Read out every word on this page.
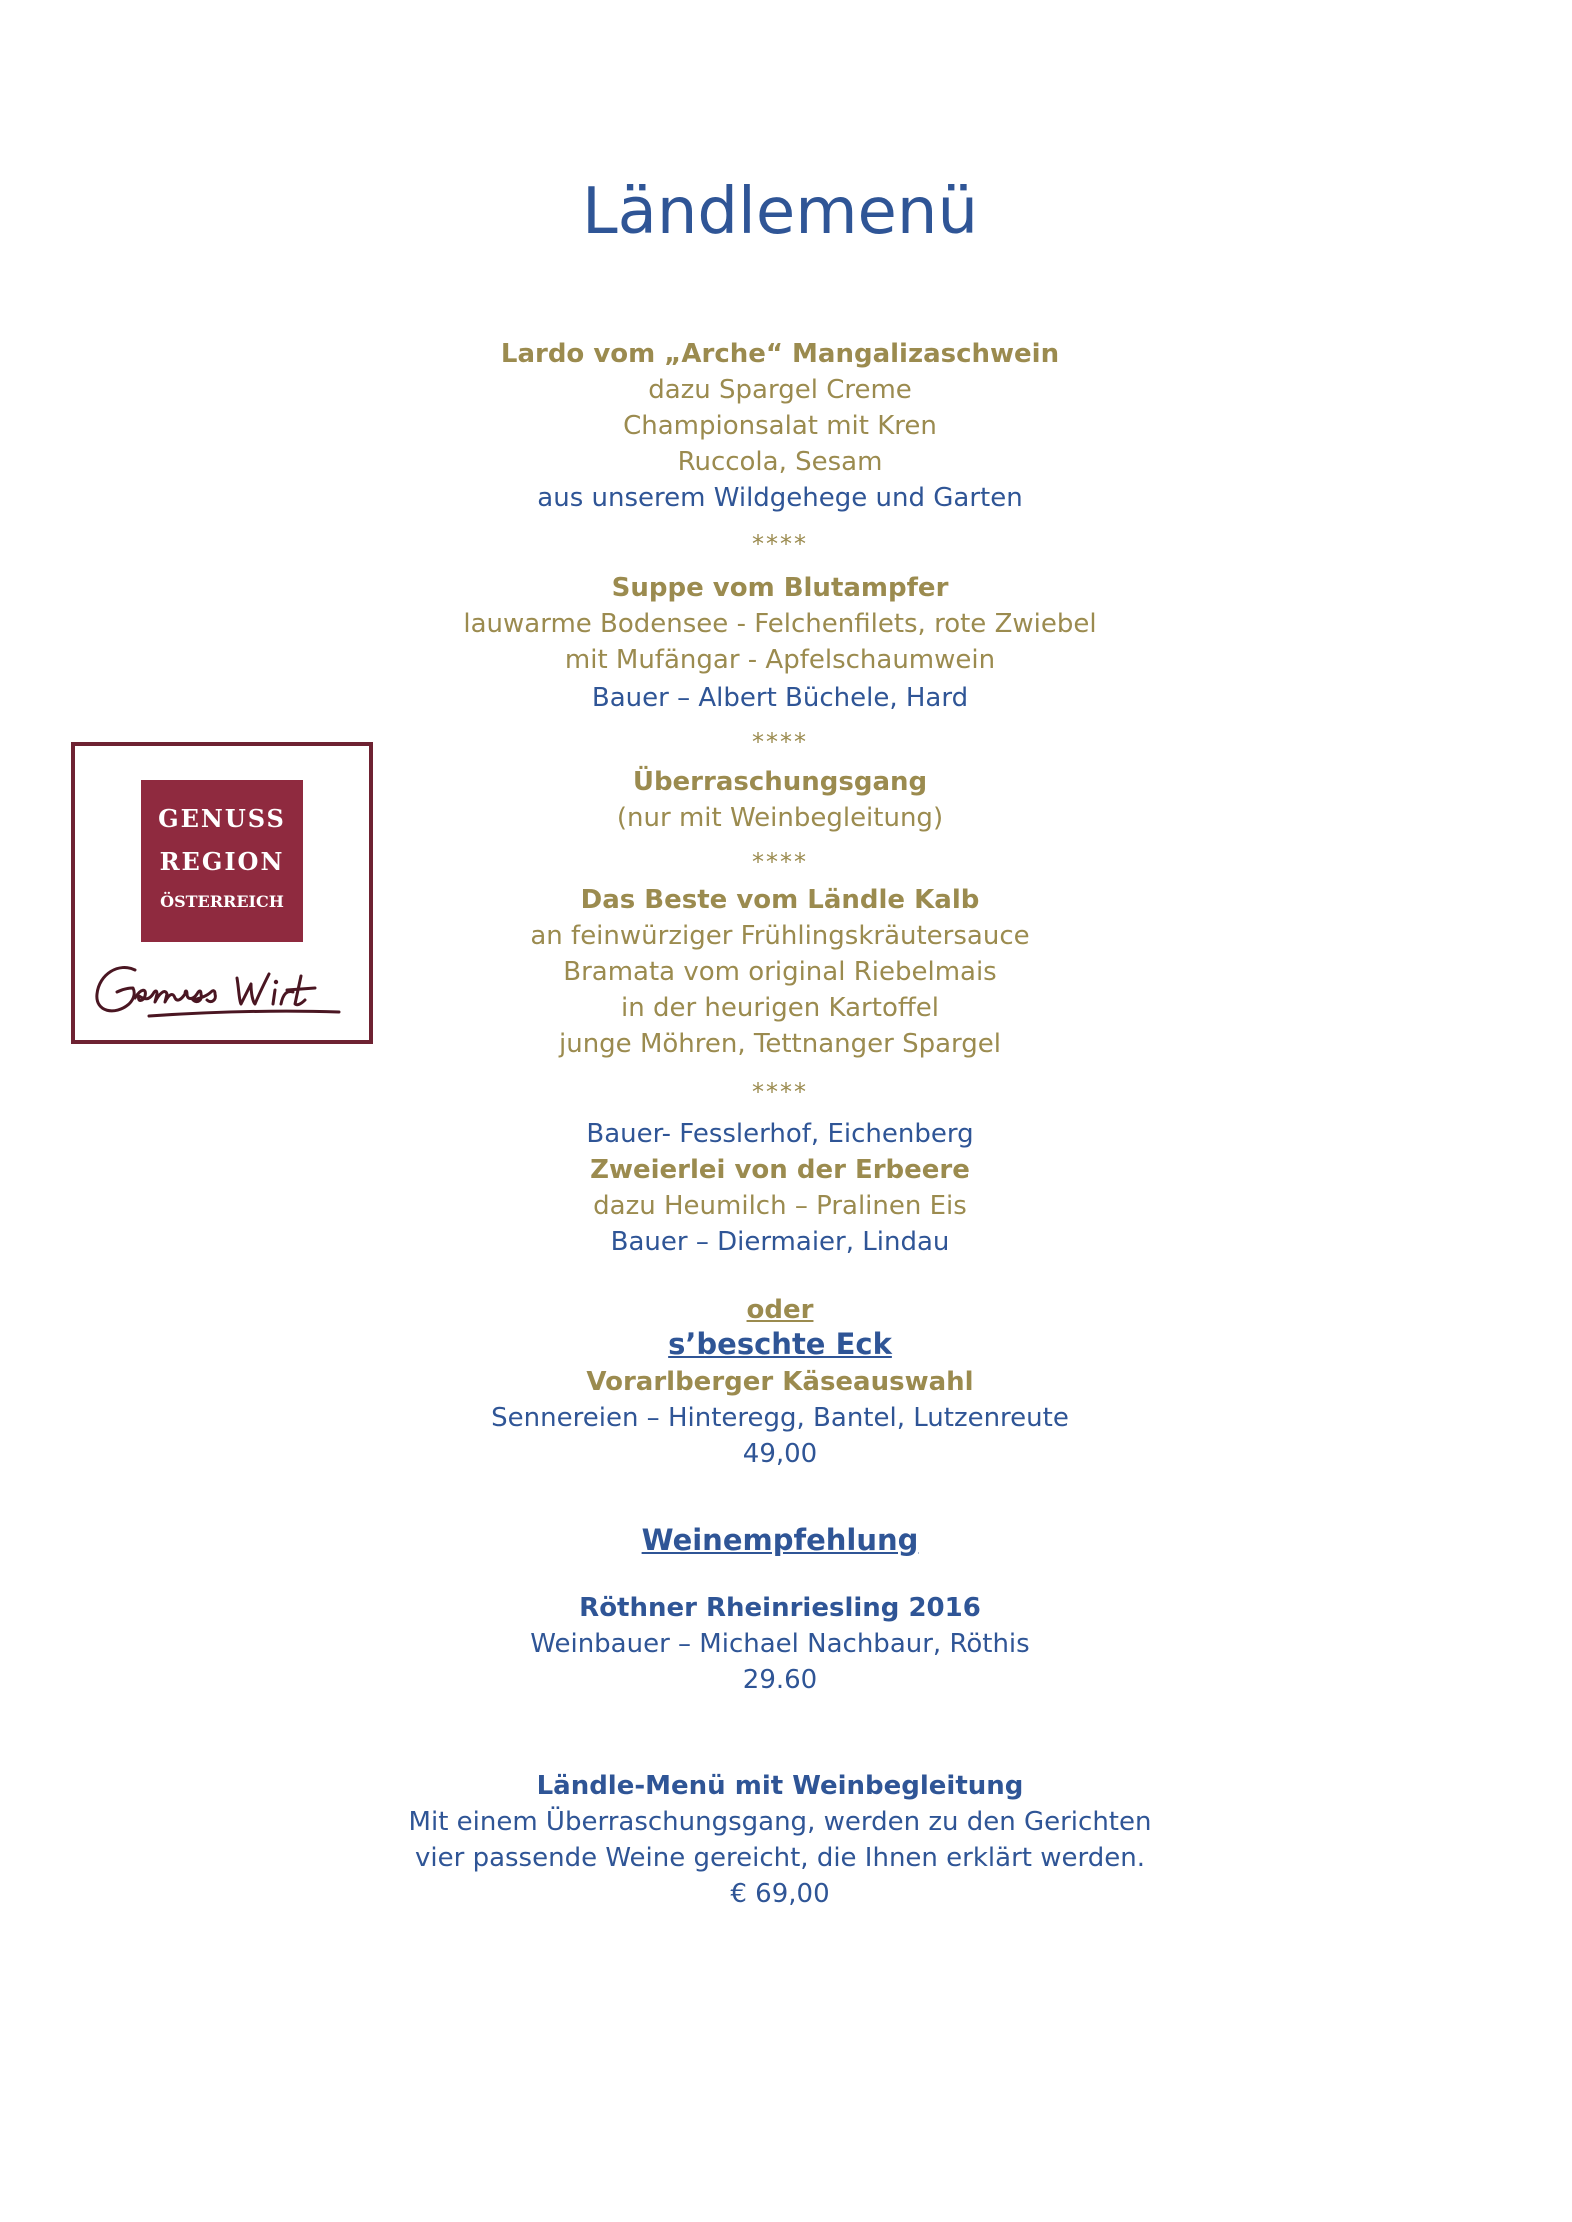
Ländlemenü
Lardo vom „Arche“ Mangalizaschwein
dazu Spargel Creme
Championsalat mit Kren
Ruccola, Sesam
aus unserem Wildgehege und Garten
****
Suppe vom Blutampfer
lauwarme Bodensee - Felchenfilets, rote Zwiebel
mit Mufängar - Apfelschaumwein
Bauer – Albert Büchele, Hard
****
Überraschungsgang
(nur mit Weinbegleitung)
****
Das Beste vom Ländle Kalb
an feinwürziger Frühlingskräutersauce
Bramata vom original Riebelmais
in der heurigen Kartoffel
junge Möhren, Tettnanger Spargel
****
Bauer- Fesslerhof, Eichenberg
Zweierlei von der Erbeere
dazu Heumilch – Pralinen Eis
Bauer – Diermaier, Lindau
oder
s’beschte Eck
Vorarlberger Käseauswahl
Sennereien – Hinteregg, Bantel, Lutzenreute
49,00
Weinempfehlung
Röthner Rheinriesling 2016
Weinbauer – Michael Nachbaur, Röthis
29.60
Ländle-Menü mit Weinbegleitung
Mit einem Überraschungsgang, werden zu den Gerichten
vier passende Weine gereicht, die Ihnen erklärt werden.
€ 69,00
GENUSS
REGION
ÖSTERREICH
